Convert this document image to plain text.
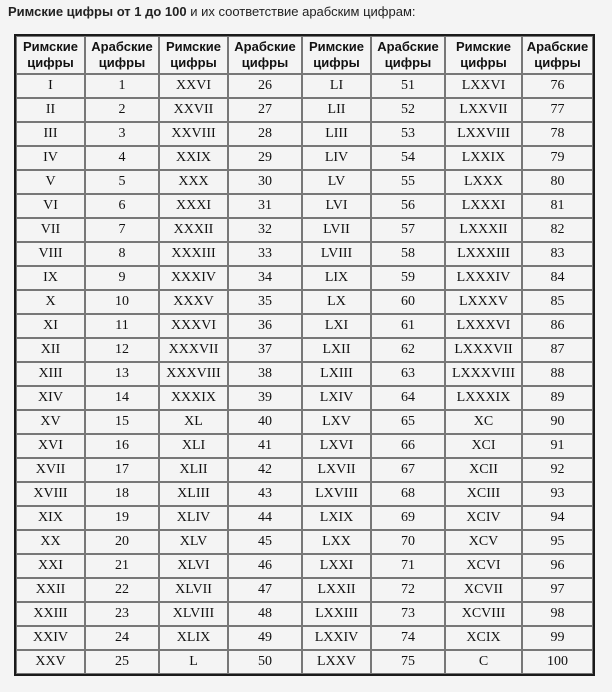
Римские цифры от 1 до 100 и их соответствие арабским цифрам:
Римские цифры	Арабские цифры	Римские цифры	Арабские цифры	Римские цифры	Арабские цифры	Римские цифры	Арабские цифры
I	1	XXVI	26	LI	51	LXXVI	76
II	2	XXVII	27	LII	52	LXXVII	77
III	3	XXVIII	28	LIII	53	LXXVIII	78
IV	4	XXIX	29	LIV	54	LXXIX	79
V	5	XXX	30	LV	55	LXXX	80
VI	6	XXXI	31	LVI	56	LXXXI	81
VII	7	XXXII	32	LVII	57	LXXXII	82
VIII	8	XXXIII	33	LVIII	58	LXXXIII	83
IX	9	XXXIV	34	LIX	59	LXXXIV	84
X	10	XXXV	35	LX	60	LXXXV	85
XI	11	XXXVI	36	LXI	61	LXXXVI	86
XII	12	XXXVII	37	LXII	62	LXXXVII	87
XIII	13	XXXVIII	38	LXIII	63	LXXXVIII	88
XIV	14	XXXIX	39	LXIV	64	LXXXIX	89
XV	15	XL	40	LXV	65	XC	90
XVI	16	XLI	41	LXVI	66	XCI	91
XVII	17	XLII	42	LXVII	67	XCII	92
XVIII	18	XLIII	43	LXVIII	68	XCIII	93
XIX	19	XLIV	44	LXIX	69	XCIV	94
XX	20	XLV	45	LXX	70	XCV	95
XXI	21	XLVI	46	LXXI	71	XCVI	96
XXII	22	XLVII	47	LXXII	72	XCVII	97
XXIII	23	XLVIII	48	LXXIII	73	XCVIII	98
XXIV	24	XLIX	49	LXXIV	74	XCIX	99
XXV	25	L	50	LXXV	75	C	100
